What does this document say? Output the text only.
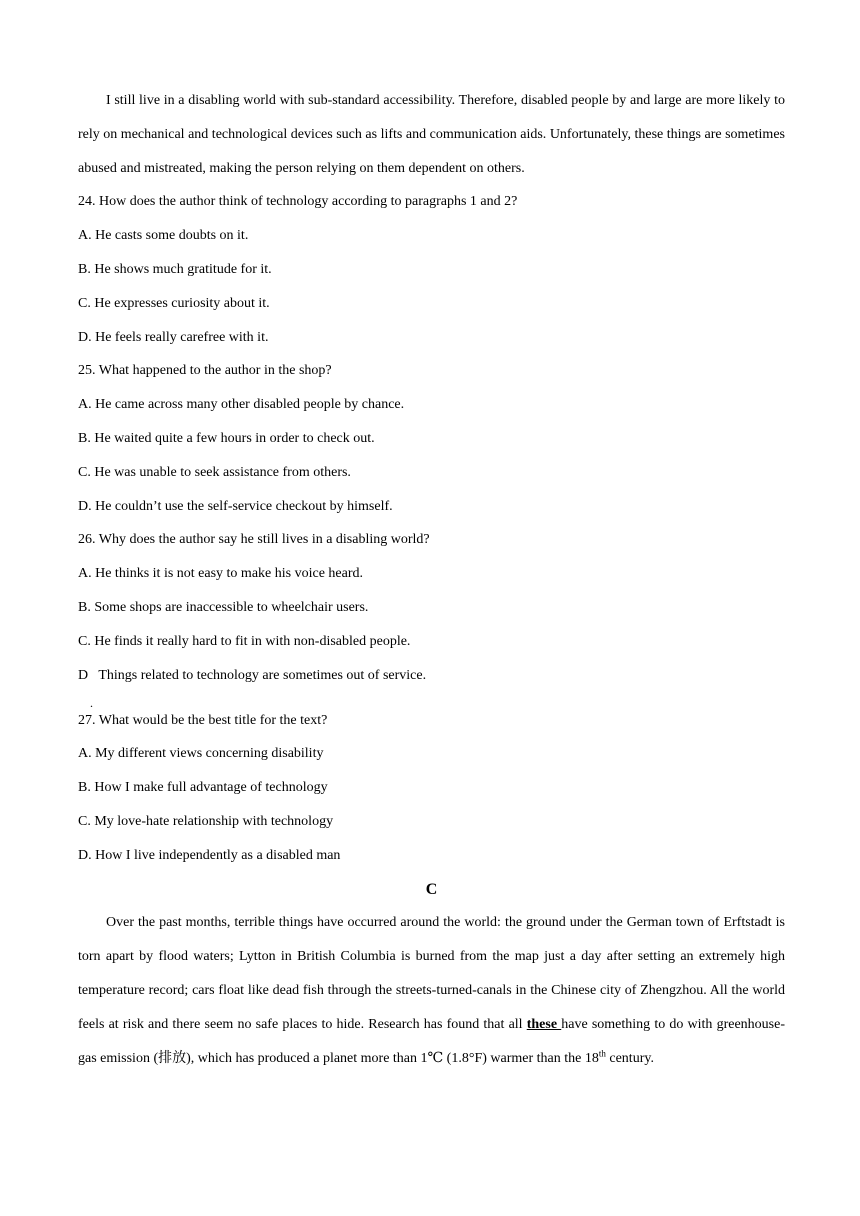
I still live in a disabling world with sub-standard accessibility. Therefore, disabled people by and large are more likely to rely on mechanical and technological devices such as lifts and communication aids. Unfortunately, these things are sometimes abused and mistreated, making the person relying on them dependent on others.

24. How does the author think of technology according to paragraphs 1 and 2?

A. He casts some doubts on it.

B. He shows much gratitude for it.

C. He expresses curiosity about it.

D. He feels really carefree with it.

25. What happened to the author in the shop?

A. He came across many other disabled people by chance.

B. He waited quite a few hours in order to check out.

C. He was unable to seek assistance from others.

D. He couldn’t use the self-service checkout by himself.

26. Why does the author say he still lives in a disabling world?

A. He thinks it is not easy to make his voice heard.

B. Some shops are inaccessible to wheelchair users.

C. He finds it really hard to fit in with non-disabled people.

D   Things related to technology are sometimes out of service.
.

27. What would be the best title for the text?

A. My different views concerning disability

B. How I make full advantage of technology

C. My love-hate relationship with technology

D. How I live independently as a disabled man

C

Over the past months, terrible things have occurred around the world: the ground under the German town of Erftstadt is torn apart by flood waters; Lytton in British Columbia is burned from the map just a day after setting an extremely high temperature record; cars float like dead fish through the streets-turned-canals in the Chinese city of Zhengzhou. All the world feels at risk and there seem no safe places to hide. Research has found that all these have something to do with greenhouse-gas emission (排放), which has produced a planet more than 1℃ (1.8°F) warmer than the 18th century.
